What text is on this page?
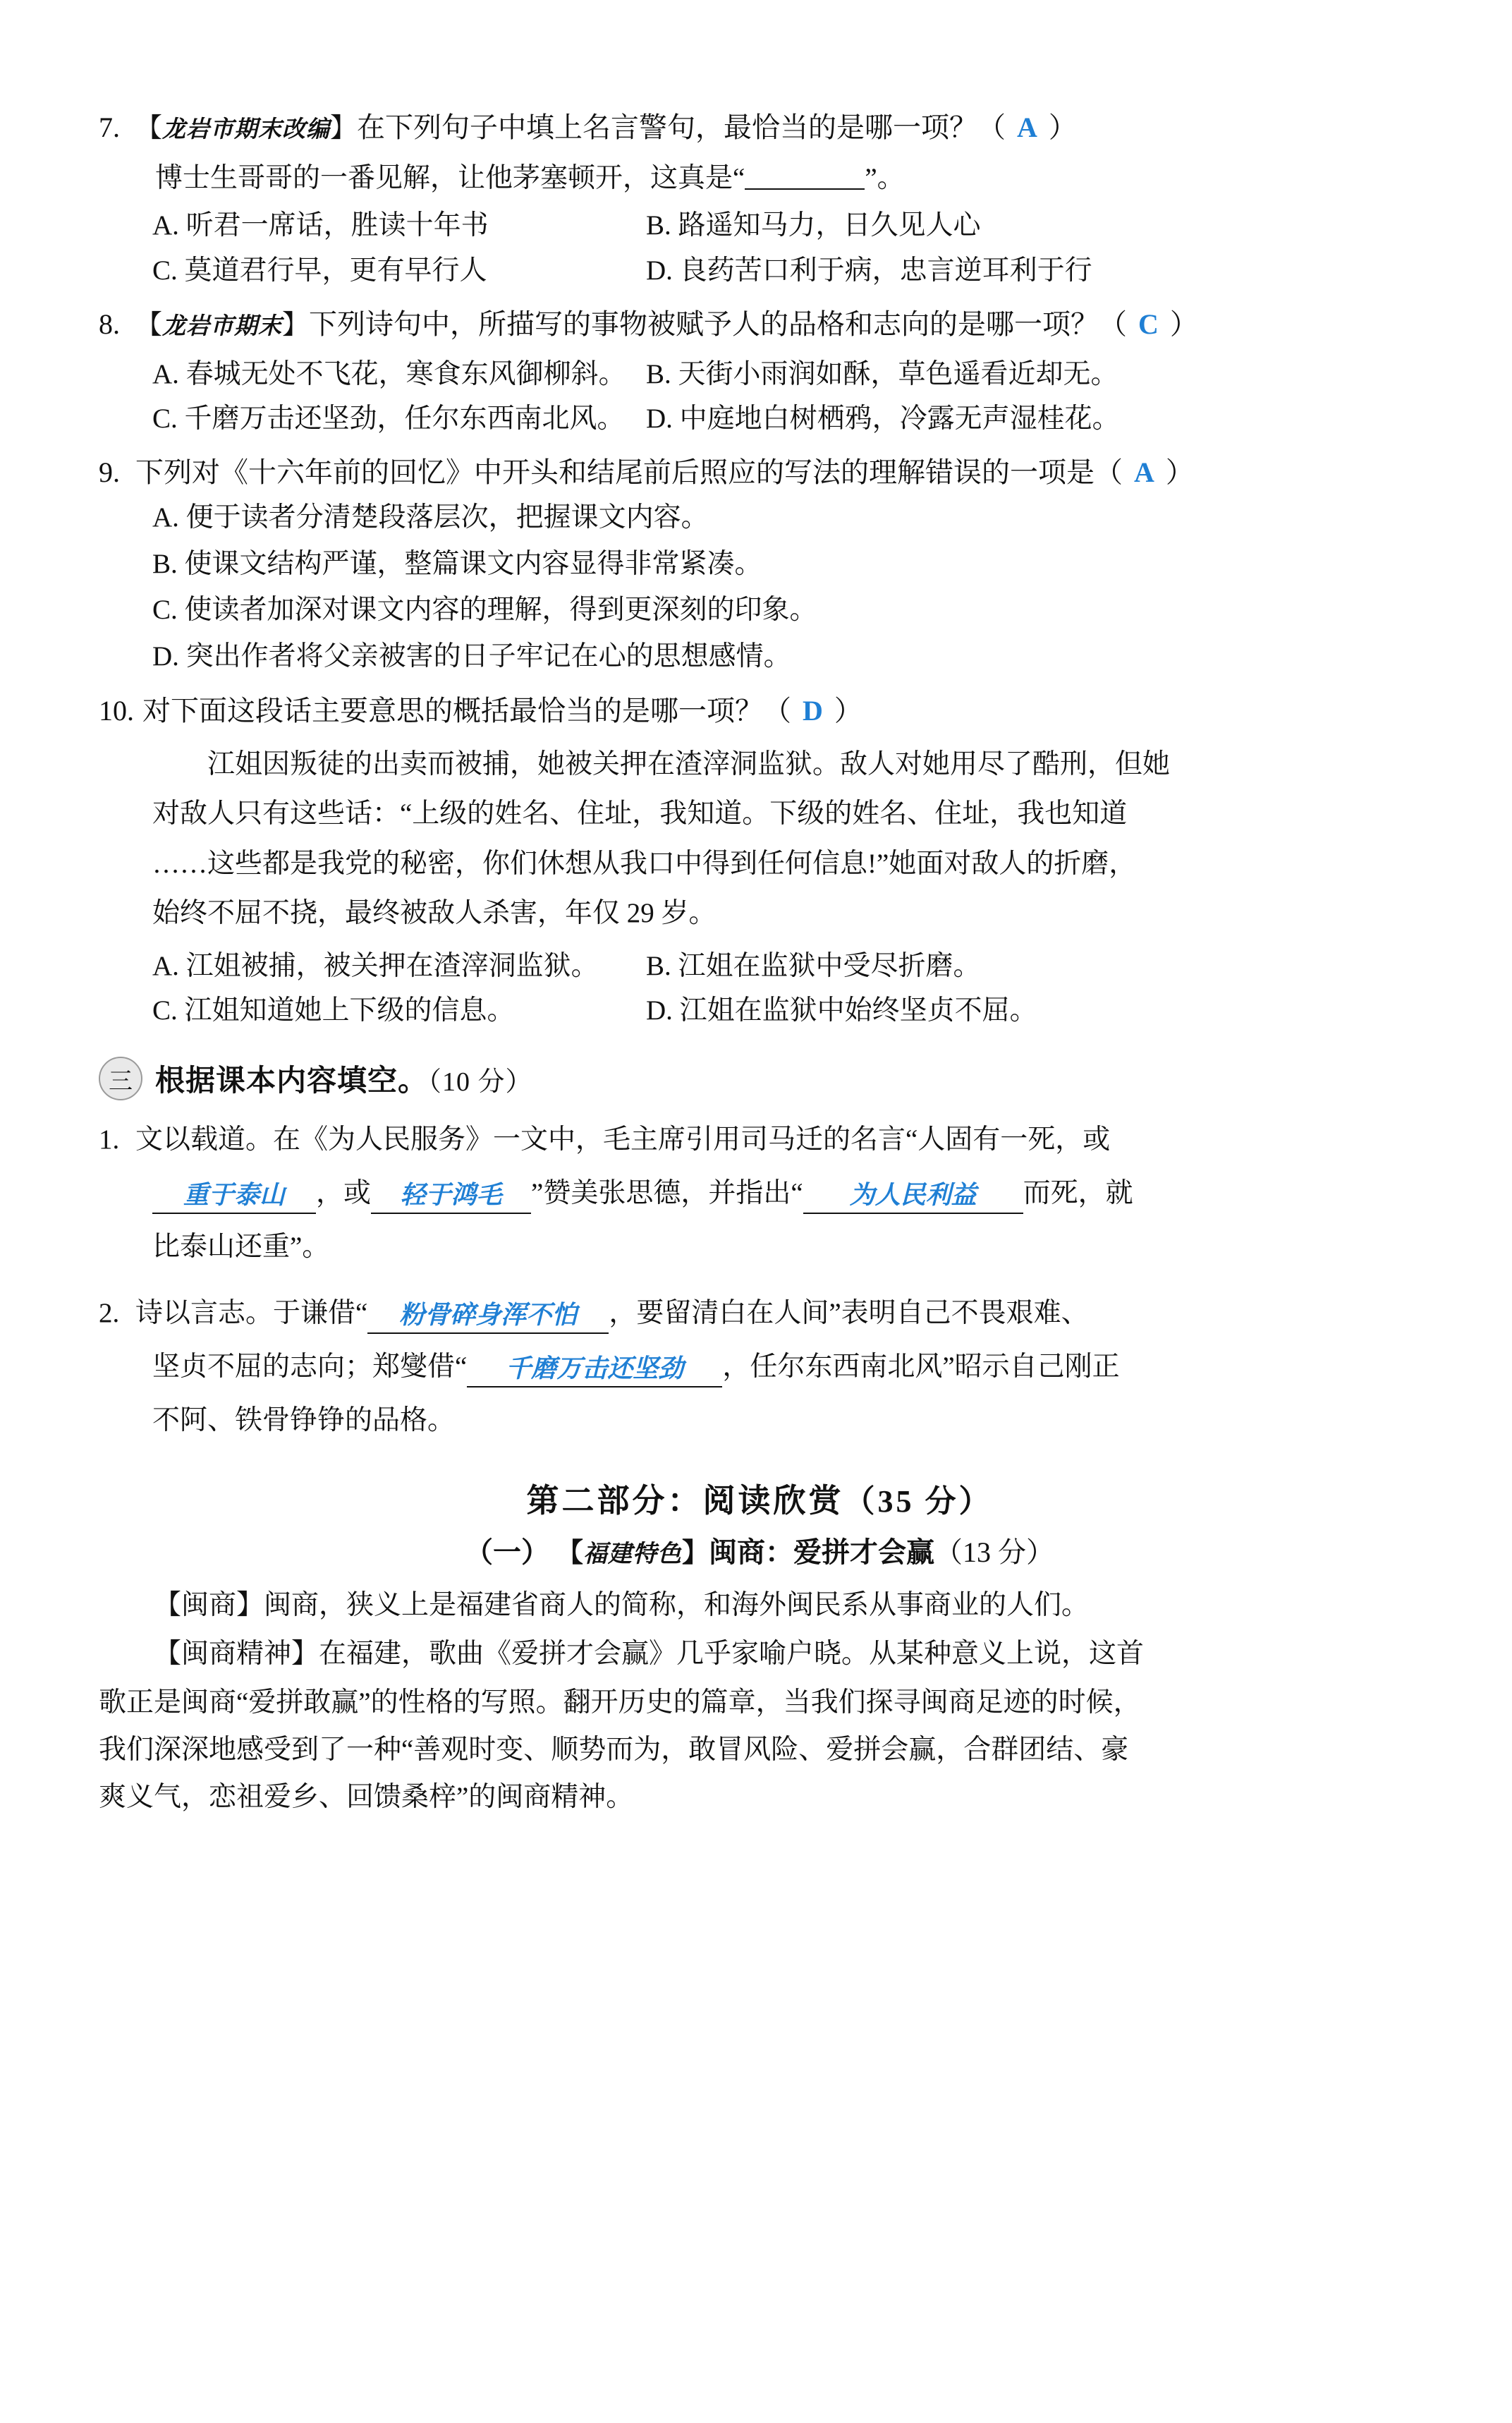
7. 【龙岩市期末改编】在下列句子中填上名言警句，最恰当的是哪一项？（ A ）
博士生哥哥的一番见解，让他茅塞顿开，这真是“	”。
A. 听君一席话，胜读十年书	B. 路遥知马力，日久见人心
C. 莫道君行早，更有早行人	D. 良药苦口利于病，忠言逆耳利于行
8. 【龙岩市期末】下列诗句中，所描写的事物被赋予人的品格和志向的是哪一项？（ C ）
A. 春城无处不飞花，寒食东风御柳斜。 B. 天街小雨润如酥，草色遥看近却无。
C. 千磨万击还坚劲，任尔东西南北风。 D. 中庭地白树栖鸦，冷露无声湿桂花。
9. 下列对《十六年前的回忆》中开头和结尾前后照应的写法的理解错误的一项是（ A ）
A. 便于读者分清楚段落层次，把握课文内容。
B. 使课文结构严谨，整篇课文内容显得非常紧凑。
C. 使读者加深对课文内容的理解，得到更深刻的印象。
D. 突出作者将父亲被害的日子牢记在心的思想感情。
10. 对下面这段话主要意思的概括最恰当的是哪一项？（ D ）
江姐因叛徒的出卖而被捕，她被关押在渣滓洞监狱。敌人对她用尽了酷刑，但她
对敌人只有这些话：“上级的姓名、住址，我知道。下级的姓名、住址，我也知道
……这些都是我党的秘密，你们休想从我口中得到任何信息!”她面对敌人的折磨，
始终不屈不挠，最终被敌人杀害，年仅 29 岁。
A. 江姐被捕，被关押在渣滓洞监狱。	B. 江姐在监狱中受尽折磨。
C. 江姐知道她上下级的信息。	D. 江姐在监狱中始终坚贞不屈。
三 根据课本内容填空。（10 分）
1. 文以载道。在《为人民服务》一文中，毛主席引用司马迁的名言“人固有一死，或
重于泰山 ，或 轻于鸿毛 ”赞美张思德，并指出“ 为人民利益 而死，就
比泰山还重”。
2. 诗以言志。于谦借“ 粉骨碎身浑不怕 ，要留清白在人间”表明自己不畏艰难、
坚贞不屈的志向；郑燮借“ 千磨万击还坚劲 ，任尔东西南北风”昭示自己刚正
不阿、铁骨铮铮的品格。
第二部分：阅读欣赏（35 分）
（一） 【福建特色】闽商：爱拼才会赢（13 分）
【闽商】闽商，狭义上是福建省商人的简称，和海外闽民系从事商业的人们。
【闽商精神】在福建，歌曲《爱拼才会赢》几乎家喻户晓。从某种意义上说，这首
歌正是闽商“爱拼敢赢”的性格的写照。翻开历史的篇章，当我们探寻闽商足迹的时候，
我们深深地感受到了一种“善观时变、顺势而为，敢冒风险、爱拼会赢，合群团结、豪
爽义气，恋祖爱乡、回馈桑梓”的闽商精神。
